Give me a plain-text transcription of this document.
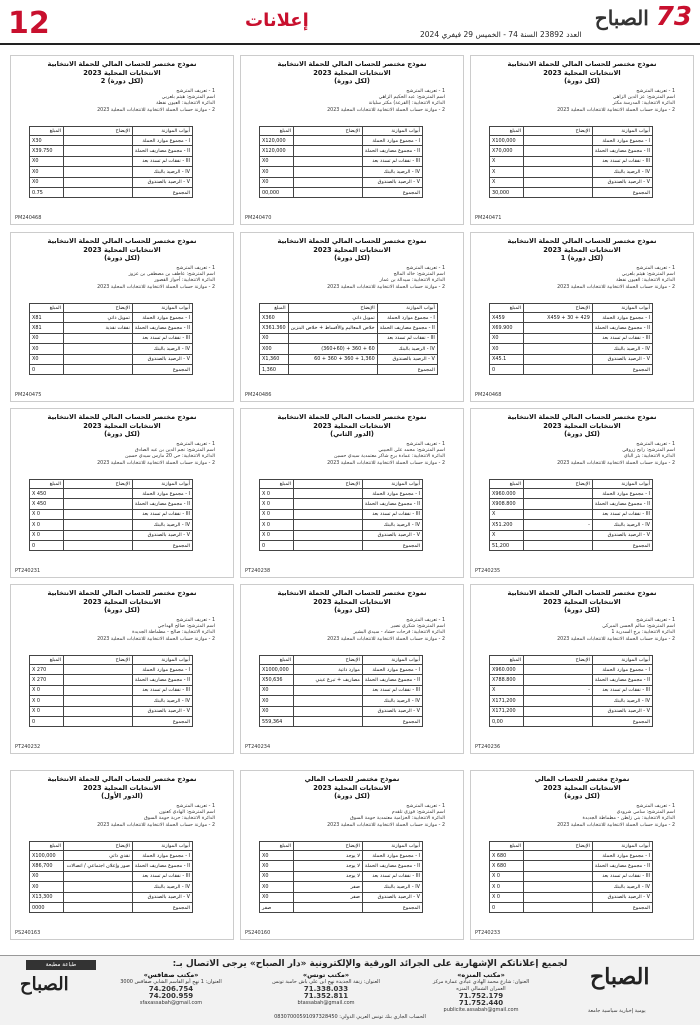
12	إعلانات
العدد 23892 السنة 74 - الخميس 29 فيفري 2024
73 الصباح
نموذج مختصر للحساب المالي للحملة الانتخابية
الانتخابات المحلية 2023
(لكل دورة)
1 - تعريف المترشح
اسم المترشح: عز الدين الزاهي
الدائرة الانتخابية: المدرسة مكثر
2 - موازنة حساب الحملة الانتخابية للانتخابات المحلية 2023
أبواب الموازنة	الإيضاح	المبلغ
I - مجموع موارد الحملة		X100,000
II - مجموع مصاريف الحملة		X70,000
III - نفقات لم تسدد بعد		X
IV - الرصيد بالبنك		X
V - الرصيد بالصندوق		X
المجموع		30,000
PM240471
نموذج مختصر للحساب المالي للحملة الانتخابية
الانتخابات المحلية 2023
(لكل دورة)
1 - تعريف المترشح
اسم المترشح: عبد الحكيم الزاهي
الدائرة الانتخابية: (القرعة) مكثر سليانة
2 - موازنة حساب الحملة الانتخابية للانتخابات المحلية 2023
أبواب الموازنة	الإيضاح	المبلغ
I - مجموع موارد الحملة		X120,000
II - مجموع مصاريف الحملة		X120,000
III - نفقات لم تسدد بعد		X0
IV - الرصيد بالبنك		X0
V - الرصيد بالصندوق		X0
المجموع		00,000
PM240470
نموذج مختصر للحساب المالي للحملة الانتخابية
الانتخابات المحلية 2023
(لكل دورة) 2
1 - تعريف المترشح
اسم المترشح: هيثم بلعربي
الدائرة الانتخابية: العيون نفطة
2 - موازنة حساب الحملة الانتخابية للانتخابات المحلية 2023
أبواب الموازنة	الإيضاح	المبلغ
I - مجموع موارد الحملة		X30
II - مجموع مصاريف الحملة		X39.750
III - نفقات لم تسدد بعد		X0
IV - الرصيد بالبنك		X0
V - الرصيد بالصندوق		X0
المجموع		0.75
PM240468
نموذج مختصر للحساب المالي للحملة الانتخابية
الانتخابات المحلية 2023
(لكل دورة) 1
1 - تعريف المترشح
اسم المترشح: هيثم بلعربي
الدائرة الانتخابية: العيون نفطة
2 - موازنة حساب الحملة الانتخابية للانتخابات المحلية 2023
أبواب الموازنة	الإيضاح	المبلغ
I - مجموع موارد الحملة	429 + 30 + X459	X459
II - مجموع مصاريف الحملة		X69.900
III - نفقات لم تسدد بعد		X0
IV - الرصيد بالبنك		X0
V - الرصيد بالصندوق		X45.1
المجموع		0
PM240468
نموذج مختصر للحساب المالي للحملة الانتخابية
الانتخابات المحلية 2023
(لكل دورة)
1 - تعريف المترشح
اسم المترشح: خالد المالح
الدائرة الانتخابية: سيدالة بن عمار
2 - موازنة حساب الحملة الانتخابية للانتخابات المحلية 2023
أبواب الموازنة	الإيضاح	المبلغ
I - مجموع موارد الحملة	تمويل ذاتي	X360
II - مجموع مصاريف الحملة	خلاص المعاليم والأقساط + خلاص البنزين	X361.360
III - نفقات لم تسدد بعد		X0
IV - الرصيد بالبنك	60 + 360 + (360+60)	X00
V - الرصيد بالصندوق	1,360 + 360 + 360 + 60	X1,360
المجموع		1,360
PM240486
نموذج مختصر للحساب المالي للحملة الانتخابية
الانتخابات المحلية 2023
(لكل دورة)
1 - تعريف المترشح
اسم المترشح: عاطف بن مصطفى بن عزوز
الدائرة الانتخابية: أحواز القصور
2 - موازنة حساب الحملة الانتخابية للانتخابات المحلية 2023
أبواب الموازنة	الإيضاح	المبلغ
I - مجموع موارد الحملة	تمويل ذاتي	X81
II - مجموع مصاريف الحملة	نفقات نقدية	X81
III - نفقات لم تسدد بعد		X0
IV - الرصيد بالبنك		X0
V - الرصيد بالصندوق		X0
المجموع		0
PM240475
نموذج مختصر للحساب المالي للحملة الانتخابية
الانتخابات المحلية 2023
(لكل دورة)
1 - تعريف المترشح
اسم المترشح: رابح زروقي
الدائرة الانتخابية: بئر الباي
2 - موازنة حساب الحملة الانتخابية للانتخابات المحلية 2023
أبواب الموازنة	الإيضاح	المبلغ
I - مجموع موارد الحملة		X960.000
II - مجموع مصاريف الحملة		X908.800
III - نفقات لم تسدد بعد		X
IV - الرصيد بالبنك	-	X51.200
V - الرصيد بالصندوق		X
المجموع		51,200
PT240235
نموذج مختصر للحساب المالي للحملة الانتخابية
الانتخابات المحلية 2023
(الدور الثاني)
1 - تعريف المترشح
اسم المترشح: محمد علي الحبيبي
الدائرة الانتخابية: عمادة برج شاكر معتمدية سيدي حسين
2 - موازنة حساب الحملة الانتخابية للانتخابات المحلية 2023
أبواب الموازنة	الإيضاح	المبلغ
I - مجموع موارد الحملة		X 0
II - مجموع مصاريف الحملة		X 0
III - نفقات لم تسدد بعد		X 0
IV - الرصيد بالبنك		X 0
V - الرصيد بالصندوق		X 0
المجموع		0
PT240238
نموذج مختصر للحساب المالي للحملة الانتخابية
الانتخابات المحلية 2023
(لكل دورة)
1 - تعريف المترشح
اسم المترشح: نجم الدين بن عبد الصادق
الدائرة الانتخابية: حي 20 مارس سيدي حسين
2 - موازنة حساب الحملة الانتخابية للانتخابات المحلية 2023
أبواب الموازنة	الإيضاح	المبلغ
I - مجموع موارد الحملة		X 450
II - مجموع مصاريف الحملة		X 450
III - نفقات لم تسدد بعد		X 0
IV - الرصيد بالبنك		X 0
V - الرصيد بالصندوق		X 0
المجموع		0
PT240231
نموذج مختصر للحساب المالي للحملة الانتخابية
الانتخابات المحلية 2023
(لكل دورة)
1 - تعريف المترشح
اسم المترشح: سالم الحسن المبركي
الدائرة الانتخابية: برج السدرية 1
2 - موازنة حساب الحملة الانتخابية للانتخابات المحلية 2023
أبواب الموازنة	الإيضاح	المبلغ
I - مجموع موارد الحملة		X960.000
II - مجموع مصاريف الحملة		X788.800
III - نفقات لم تسدد بعد	-	X
IV - الرصيد بالبنك		X171,200
V - الرصيد بالصندوق		X171,200
المجموع		0,00
PT240236
نموذج مختصر للحساب المالي للحملة الانتخابية
الانتخابات المحلية 2023
(لكل دورة)
1 - تعريف المترشح
اسم المترشح: شكري نصير
الدائرة الانتخابية: فرحات حشاد - سيدي البشير
2 - موازنة حساب الحملة الانتخابية للانتخابات المحلية 2023
أبواب الموازنة	الإيضاح	المبلغ
I - مجموع موارد الحملة	موارد ذاتية	X1000,000
II - مجموع مصاريف الحملة	مصاريف + تبرع عيني	X50,636
III - نفقات لم تسدد بعد		X0
IV - الرصيد بالبنك		X0
V - الرصيد بالصندوق		X0
المجموع		559,364
PT240234
نموذج مختصر للحساب المالي للحملة الانتخابية
الانتخابات المحلية 2023
(لكل دورة)
1 - تعريف المترشح
اسم المترشح: صالح الهداجي
الدائرة الانتخابية: صالح - مطماطة الجديدة
2 - موازنة حساب الحملة الانتخابية للانتخابات المحلية 2023
أبواب الموازنة	الإيضاح	المبلغ
I - مجموع موارد الحملة		X 270
II - مجموع مصاريف الحملة		X 270
III - نفقات لم تسدد بعد		X 0
IV - الرصيد بالبنك		X 0
V - الرصيد بالصندوق		X 0
المجموع		0
PT240232
نموذج مختصر للحساب المالي
الانتخابات المحلية 2023
(لكل دورة)
1 - تعريف المترشح
اسم المترشح: سامي شرودي
الدائرة الانتخابية: بني زلطن - مطماطة الجديدة
2 - موازنة حساب الحملة الانتخابية للانتخابات المحلية 2023
أبواب الموازنة	الإيضاح	المبلغ
I - مجموع موارد الحملة		X 680
II - مجموع مصاريف الحملة		X 680
III - نفقات لم تسدد بعد		X 0
IV - الرصيد بالبنك		X 0
V - الرصيد بالصندوق		X 0
المجموع		0
PT240233
نموذج مختصر للحساب المالي
الانتخابات المحلية 2023
(لكل دورة)
1 - تعريف المترشح
اسم المترشح: فوزي تلقدم
الدائرة الانتخابية: الحزامية معتمدية حومة السوق
2 - موازنة حساب الحملة الانتخابية للانتخابات المحلية 2023
أبواب الموازنة	الإيضاح	المبلغ
I - مجموع موارد الحملة	لا يوجد	X0
II - مجموع مصاريف الحملة	لا يوجد	X0
III - نفقات لم تسدد بعد	لا يوجد	X0
IV - الرصيد بالبنك	صفر	X0
V - الرصيد بالصندوق	صفر	X0
المجموع		صفر
PS240160
نموذج مختصر للحساب المالي للحملة الانتخابية
الانتخابات المحلية 2023
(الدور الأول)
1 - تعريف المترشح
اسم المترشح: الهادي كعنون
الدائرة الانتخابية: حربة حومة السوق
2 - موازنة حساب الحملة الانتخابية للانتخابات المحلية 2023
أبواب الموازنة	الإيضاح	المبلغ
I - مجموع موارد الحملة	نقدي ذاتي	X100,000
II - مجموع مصاريف الحملة	صور وإعلان اجتماعي / اتصالات	X86,700
III - نفقات لم تسدد بعد		X0
IV - الرصيد بالبنك		X0
V - الرصيد بالصندوق		X13,300
المجموع		0000
PS240163
طباعة مطبعة
الصباح
لجميع إعلاناتكم الإشهارية على الجرائد الورقية والإلكترونية «دار الصباح» يرجى الاتصال بـ:
«مكتب صفاقس»
العنوان: 1 نهج أبو القاسم الشابي صفاقس 3000
74.206.754
74.200.959
sfaxassabah@gmail.com
«مكتب تونس»
العنوان: زنقة الجديدة نهج ابن علي باش حامبة تونس
71.338.033
71.352.811
btassabah@gmail.com
«مكتب المنزه»
العنوان: شارع محمد الهادي عيادي عمارة مركز العمران الشمالي المنزه
71.752.179
71.752.440
publicite.assabah@gmail.com
الصباح
يومية إخبارية سياسية جامعة
الحساب الجاري بنك تونس العربي الدولي: 08307000591097328450
